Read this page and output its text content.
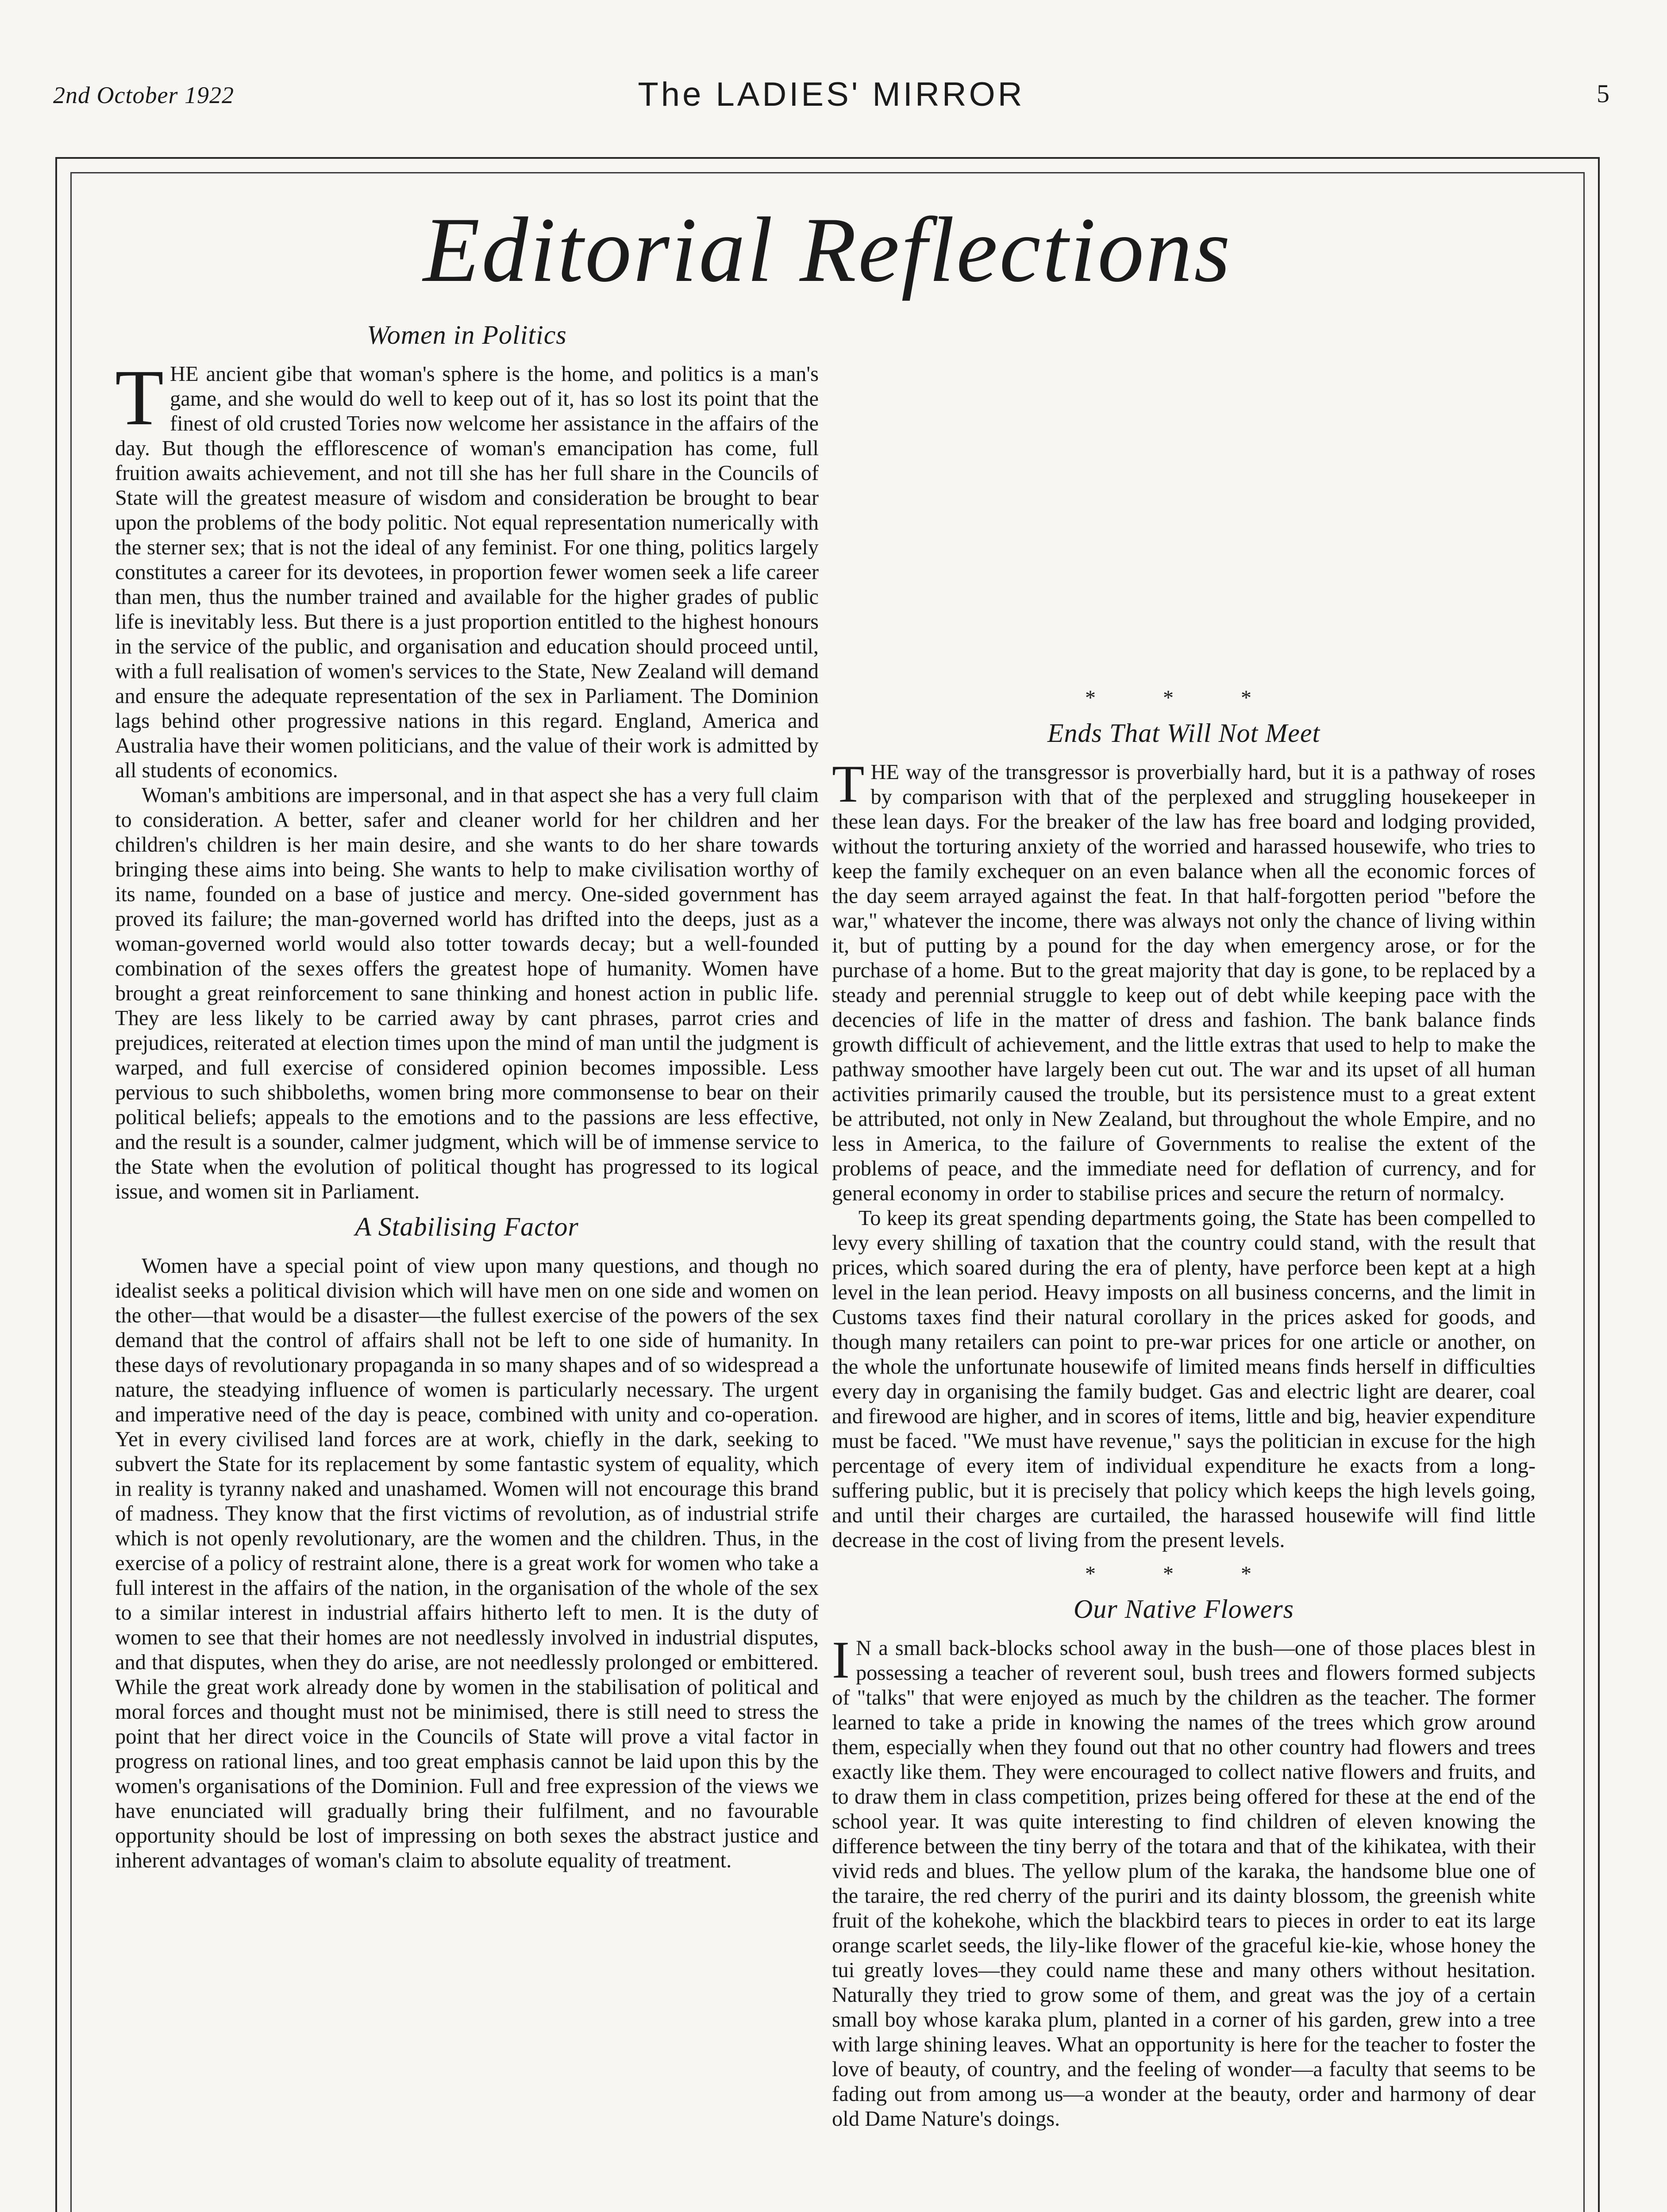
2nd October 1922	The LADIES' MIRROR	5
Editorial Reflections
Women in Politics

THE ancient gibe that woman's sphere is the home, and politics is a man's game, and she would do well to keep out of it, has so lost its point that the finest of old crusted Tories now welcome her assistance in the affairs of the day. But though the efflorescence of woman's emancipation has come, full fruition awaits achievement, and not till she has her full share in the Councils of State will the greatest measure of wisdom and consideration be brought to bear upon the problems of the body politic. Not equal representation numerically with the sterner sex; that is not the ideal of any feminist. For one thing, politics largely constitutes a career for its devotees, in proportion fewer women seek a life career than men, thus the number trained and available for the higher grades of public life is inevitably less. But there is a just proportion entitled to the highest honours in the service of the public, and organisation and education should proceed until, with a full realisation of women's services to the State, New Zealand will demand and ensure the adequate representation of the sex in Parliament. The Dominion lags behind other progressive nations in this regard. England, America and Australia have their women politicians, and the value of their work is admitted by all students of economics.

Woman's ambitions are impersonal, and in that aspect she has a very full claim to consideration. A better, safer and cleaner world for her children and her children's children is her main desire, and she wants to do her share towards bringing these aims into being. She wants to help to make civilisation worthy of its name, founded on a base of justice and mercy. One-sided government has proved its failure; the man-governed world has drifted into the deeps, just as a woman-governed world would also totter towards decay; but a well-founded combination of the sexes offers the greatest hope of humanity. Women have brought a great reinforcement to sane thinking and honest action in public life. They are less likely to be carried away by cant phrases, parrot cries and prejudices, reiterated at election times upon the mind of man until the judgment is warped, and full exercise of considered opinion becomes impossible. Less pervious to such shibboleths, women bring more commonsense to bear on their political beliefs; appeals to the emotions and to the passions are less effective, and the result is a sounder, calmer judgment, which will be of immense service to the State when the evolution of political thought has progressed to its logical issue, and women sit in Parliament.

A Stabilising Factor

Women have a special point of view upon many questions, and though no idealist seeks a political division which will have men on one side and women on the other—that would be a disaster—the fullest exercise of the powers of the sex demand that the control of affairs shall not be left to one side of humanity. In these days of revolutionary propaganda in so many shapes and of so widespread a nature, the steadying influence of women is particularly necessary. The urgent and imperative need of the day is peace, combined with unity and co-operation. Yet in every civilised land forces are at work, chiefly in the dark, seeking to subvert the State for its replacement by some fantastic system of equality, which in reality is tyranny naked and unashamed. Women will not encourage this brand of madness. They know that the first victims of revolution, as of industrial strife which is not openly revolutionary, are the women and the children. Thus, in the exercise of a policy of restraint alone, there is a great work for women who take a full interest in the affairs of the nation, in the organisation of the whole of the sex to a similar interest in industrial affairs hitherto left to men. It is the duty of women to see that their homes are not needlessly involved in industrial disputes, and that disputes, when they do arise, are not needlessly prolonged or embittered. While the great work already done by women in the stabilisation of political and moral forces and thought must not be minimised, there is still need to stress the point that her direct voice in the Councils of State will prove a vital factor in progress on rational lines, and too great emphasis cannot be laid upon this by the women's organisations of the Dominion. Full and free expression of the views we have enunciated will gradually bring their fulfilment, and no favourable opportunity should be lost of impressing on both sexes the abstract justice and inherent advantages of woman's claim to absolute equality of treatment.

* * *
Ends That Will Not Meet

THE way of the transgressor is proverbially hard, but it is a pathway of roses by comparison with that of the perplexed and struggling housekeeper in these lean days. For the breaker of the law has free board and lodging provided, without the torturing anxiety of the worried and harassed housewife, who tries to keep the family exchequer on an even balance when all the economic forces of the day seem arrayed against the feat. In that half-forgotten period "before the war," whatever the income, there was always not only the chance of living within it, but of putting by a pound for the day when emergency arose, or for the purchase of a home. But to the great majority that day is gone, to be replaced by a steady and perennial struggle to keep out of debt while keeping pace with the decencies of life in the matter of dress and fashion. The bank balance finds growth difficult of achievement, and the little extras that used to help to make the pathway smoother have largely been cut out. The war and its upset of all human activities primarily caused the trouble, but its persistence must to a great extent be attributed, not only in New Zealand, but throughout the whole Empire, and no less in America, to the failure of Governments to realise the extent of the problems of peace, and the immediate need for deflation of currency, and for general economy in order to stabilise prices and secure the return of normalcy.

To keep its great spending departments going, the State has been compelled to levy every shilling of taxation that the country could stand, with the result that prices, which soared during the era of plenty, have perforce been kept at a high level in the lean period. Heavy imposts on all business concerns, and the limit in Customs taxes find their natural corollary in the prices asked for goods, and though many retailers can point to pre-war prices for one article or another, on the whole the unfortunate housewife of limited means finds herself in difficulties every day in organising the family budget. Gas and electric light are dearer, coal and firewood are higher, and in scores of items, little and big, heavier expenditure must be faced. "We must have revenue," says the politician in excuse for the high percentage of every item of individual expenditure he exacts from a long-suffering public, but it is precisely that policy which keeps the high levels going, and until their charges are curtailed, the harassed housewife will find little decrease in the cost of living from the present levels.

* * *
Our Native Flowers

I N a small back-blocks school away in the bush—one of those places blest in possessing a teacher of reverent soul, bush trees and flowers formed subjects of "talks" that were enjoyed as much by the children as the teacher. The former learned to take a pride in knowing the names of the trees which grow around them, especially when they found out that no other country had flowers and trees exactly like them. They were encouraged to collect native flowers and fruits, and to draw them in class competition, prizes being offered for these at the end of the school year. It was quite interesting to find children of eleven knowing the difference between the tiny berry of the totara and that of the kihikatea, with their vivid reds and blues. The yellow plum of the karaka, the handsome blue one of the taraire, the red cherry of the puriri and its dainty blossom, the greenish white fruit of the kohekohe, which the blackbird tears to pieces in order to eat its large orange scarlet seeds, the lily-like flower of the graceful kie-kie, whose honey the tui greatly loves—they could name these and many others without hesitation. Naturally they tried to grow some of them, and great was the joy of a certain small boy whose karaka plum, planted in a corner of his garden, grew into a tree with large shining leaves. What an opportunity is here for the teacher to foster the love of beauty, of country, and the feeling of wonder—a faculty that seems to be fading out from among us—a wonder at the beauty, order and harmony of dear old Dame Nature's doings.
